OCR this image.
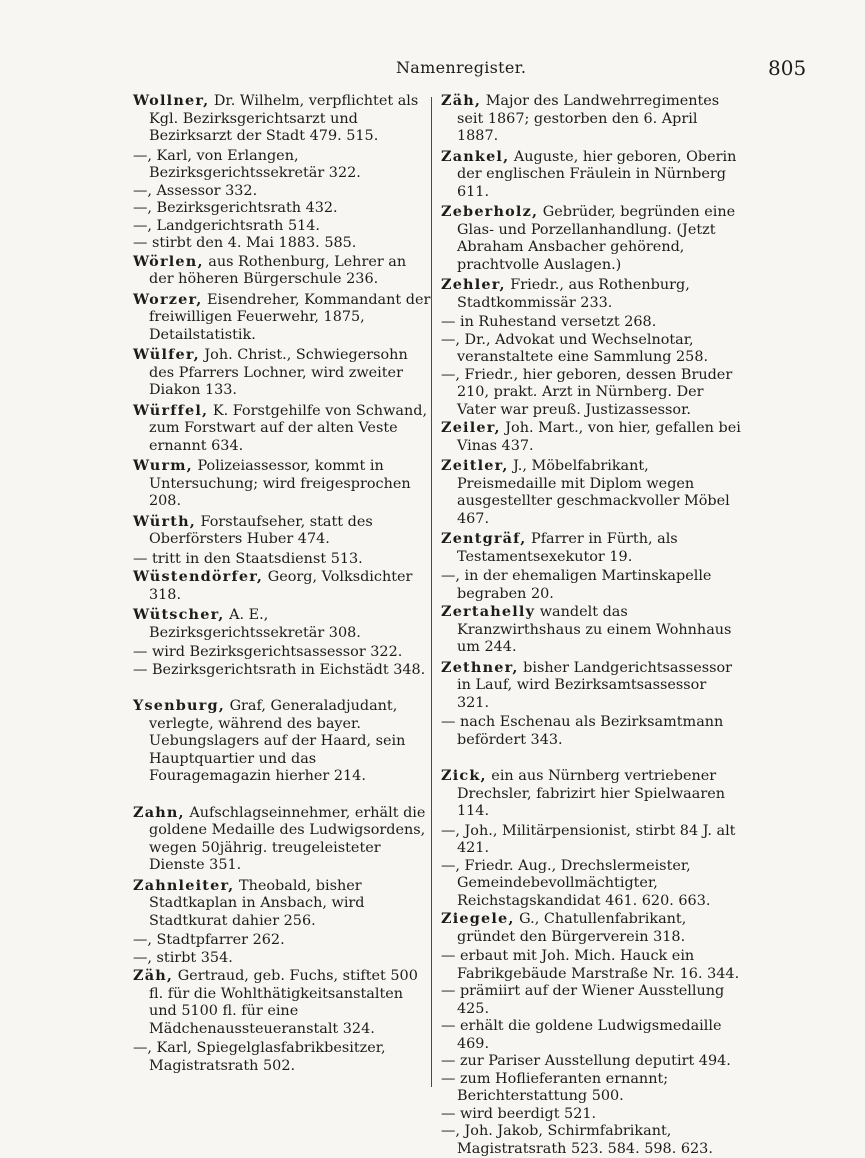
Namenregister.	805
Wollner, Dr. Wilhelm, verpflichtet als Kgl. Bezirksgerichtsarzt und Bezirksarzt der Stadt 479. 515.
—, Karl, von Erlangen, Bezirksgerichtssekretär 322.
—, Assessor 332.
—, Bezirksgerichtsrath 432.
—, Landgerichtsrath 514.
— stirbt den 4. Mai 1883. 585.
Wörlen, aus Rothenburg, Lehrer an der höheren Bürgerschule 236.
Worzer, Eisendreher, Kommandant der freiwilligen Feuerwehr, 1875, Detailstatistik.
Wülfer, Joh. Christ., Schwiegersohn des Pfarrers Lochner, wird zweiter Diakon 133.
Würffel, K. Forstgehilfe von Schwand, zum Forstwart auf der alten Veste ernannt 634.
Wurm, Polizeiassessor, kommt in Untersuchung; wird freigesprochen 208.
Würth, Forstaufseher, statt des Oberförsters Huber 474.
— tritt in den Staatsdienst 513.
Wüstendörfer, Georg, Volksdichter 318.
Wütscher, A. E., Bezirksgerichtssekretär 308.
— wird Bezirksgerichtsassessor 322.
— Bezirksgerichtsrath in Eichstädt 348.
Ysenburg, Graf, Generaladjudant, verlegte, während des bayer. Uebungslagers auf der Haard, sein Hauptquartier und das Fouragemagazin hierher 214.
Zahn, Aufschlagseinnehmer, erhält die goldene Medaille des Ludwigsordens, wegen 50jährig. treugeleisteter Dienste 351.
Zahnleiter, Theobald, bisher Stadtkaplan in Ansbach, wird Stadtkurat dahier 256.
—, Stadtpfarrer 262.
—, stirbt 354.
Zäh, Gertraud, geb. Fuchs, stiftet 500 fl. für die Wohlthätigkeitsanstalten und 5100 fl. für eine Mädchenaussteueranstalt 324.
—, Karl, Spiegelglasfabrikbesitzer, Magistratsrath 502.
Zäh, Major des Landwehrregimentes seit 1867; gestorben den 6. April 1887.
Zankel, Auguste, hier geboren, Oberin der englischen Fräulein in Nürnberg 611.
Zeberholz, Gebrüder, begründen eine Glas- und Porzellanhandlung. (Jetzt Abraham Ansbacher gehörend, prachtvolle Auslagen.)
Zehler, Friedr., aus Rothenburg, Stadtkommissär 233.
— in Ruhestand versetzt 268.
—, Dr., Advokat und Wechselnotar, veranstaltete eine Sammlung 258.
—, Friedr., hier geboren, dessen Bruder 210, prakt. Arzt in Nürnberg. Der Vater war preuß. Justizassessor.
Zeiler, Joh. Mart., von hier, gefallen bei Vinas 437.
Zeitler, J., Möbelfabrikant, Preismedaille mit Diplom wegen ausgestellter geschmackvoller Möbel 467.
Zentgräf, Pfarrer in Fürth, als Testamentsexekutor 19.
—, in der ehemaligen Martinskapelle begraben 20.
Zertahelly wandelt das Kranzwirthshaus zu einem Wohnhaus um 244.
Zethner, bisher Landgerichtsassessor in Lauf, wird Bezirksamtsassessor 321.
— nach Eschenau als Bezirksamtmann befördert 343.
Zick, ein aus Nürnberg vertriebener Drechsler, fabrizirt hier Spielwaaren 114.
—, Joh., Militärpensionist, stirbt 84 J. alt 421.
—, Friedr. Aug., Drechslermeister, Gemeindebevollmächtigter, Reichstagskandidat 461. 620. 663.
Ziegele, G., Chatullenfabrikant, gründet den Bürgerverein 318.
— erbaut mit Joh. Mich. Hauck ein Fabrikgebäude Marstraße Nr. 16. 344.
— prämiirt auf der Wiener Ausstellung 425.
— erhält die goldene Ludwigsmedaille 469.
— zur Pariser Ausstellung deputirt 494.
— zum Hoflieferanten ernannt; Berichterstattung 500.
— wird beerdigt 521.
—, Joh. Jakob, Schirmfabrikant, Magistratsrath 523. 584. 598. 623.
